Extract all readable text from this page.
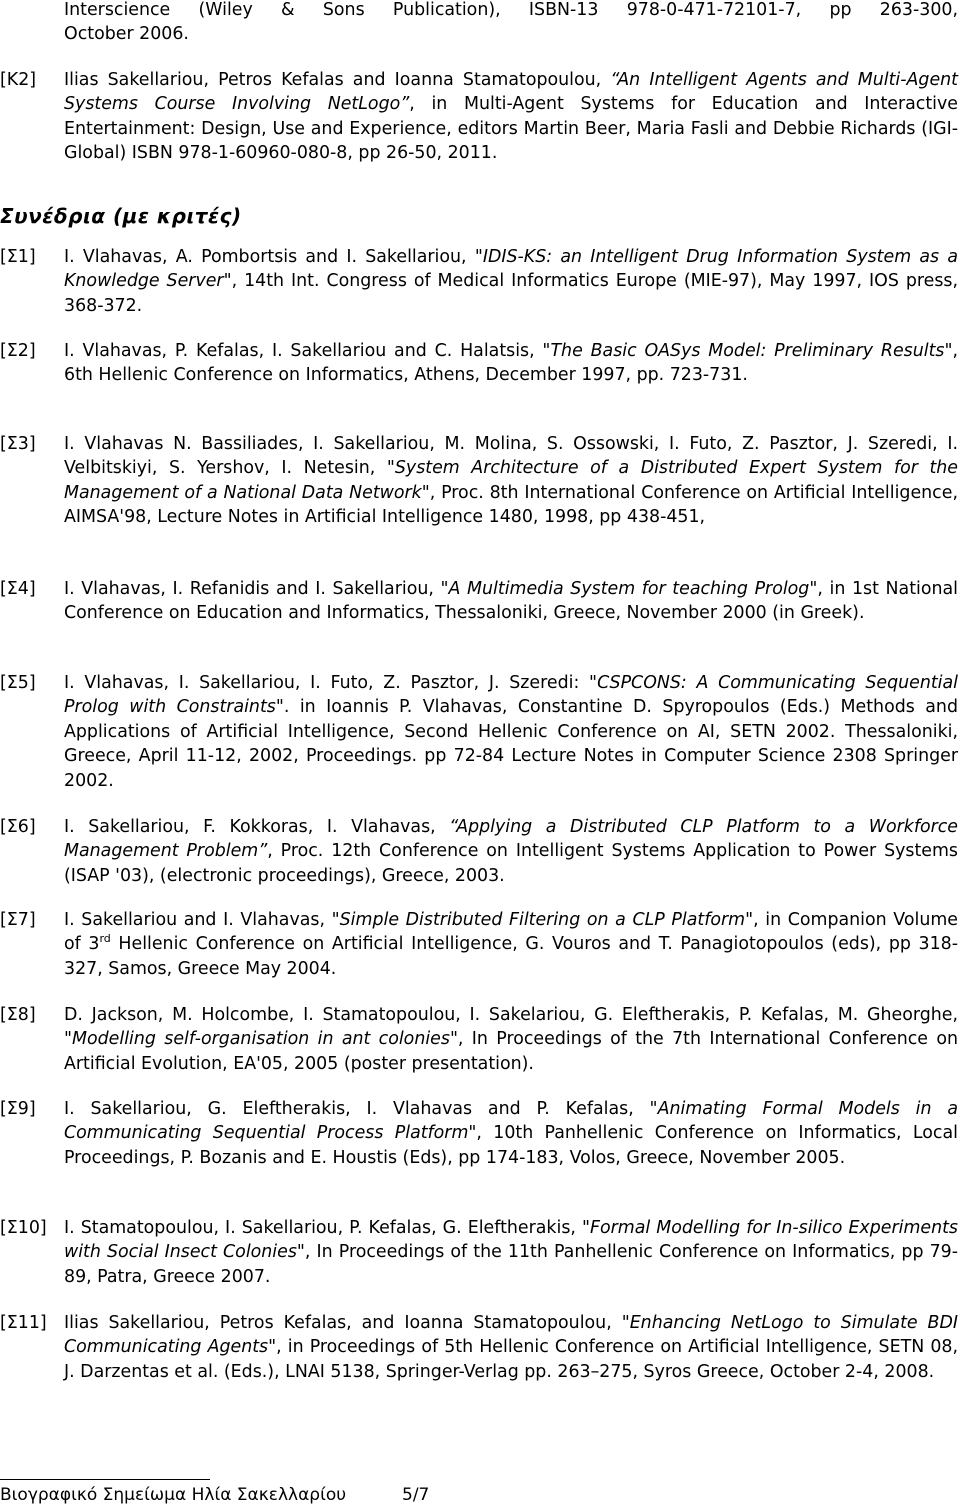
Interscience (Wiley & Sons Publication), ISBN-13 978-0-471-72101-7, pp 263-300,
October 2006.
[K2]	Ilias Sakellariou, Petros Kefalas and Ioanna Stamatopoulou, “An Intelligent Agents and Multi-Agent Systems Course Involving NetLogo”, in Multi-Agent Systems for Education and Interactive Entertainment: Design, Use and Experience, editors Martin Beer, Maria Fasli and Debbie Richards (IGI-Global) ISBN 978-1-60960-080-8, pp 26-50, 2011.
Συνέδρια (με κριτές)
[Σ1]	I. Vlahavas, A. Pombortsis and I. Sakellariou, "IDIS-KS: an Intelligent Drug Information System as a Knowledge Server", 14th Int. Congress of Medical Informatics Europe (MIE-97), May 1997, IOS press, 368-372.
[Σ2]	I. Vlahavas, P. Kefalas, I. Sakellariou and C. Halatsis, "The Basic OASys Model: Preliminary Results", 6th Hellenic Conference on Informatics, Athens, December 1997, pp. 723-731.
[Σ3]	I. Vlahavas N. Bassiliades, I. Sakellariou, M. Molina, S. Ossowski, I. Futo, Z. Pasztor, J. Szeredi, I. Velbitskiyi, S. Yershov, I. Netesin, "System Architecture of a Distributed Expert System for the Management of a National Data Network", Proc. 8th International Conference on Artificial Intelligence, AIMSA'98, Lecture Notes in Artificial Intelligence 1480, 1998, pp 438-451,
[Σ4]	I. Vlahavas, I. Refanidis and I. Sakellariou, "A Multimedia System for teaching Prolog", in 1st National Conference on Education and Informatics, Thessaloniki, Greece, November 2000 (in Greek).
[Σ5]	I. Vlahavas, I. Sakellariou, I. Futo, Z. Pasztor, J. Szeredi: "CSPCONS: A Communicating Sequential Prolog with Constraints". in Ioannis P. Vlahavas, Constantine D. Spyropoulos (Eds.) Methods and Applications of Artificial Intelligence, Second Hellenic Conference on AI, SETN 2002. Thessaloniki, Greece, April 11-12, 2002, Proceedings. pp 72-84 Lecture Notes in Computer Science 2308 Springer 2002.
[Σ6]	I. Sakellariou, F. Kokkoras, I. Vlahavas, “Applying a Distributed CLP Platform to a Workforce Management Problem”, Proc. 12th Conference on Intelligent Systems Application to Power Systems (ISAP '03), (electronic proceedings), Greece, 2003.
[Σ7]	I. Sakellariou and I. Vlahavas, "Simple Distributed Filtering on a CLP Platform", in Companion Volume of 3rd Hellenic Conference on Artificial Intelligence, G. Vouros and T. Panagiotopoulos (eds), pp 318-327, Samos, Greece May 2004.
[Σ8]	D. Jackson, M. Holcombe, I. Stamatopoulou, I. Sakelariou, G. Eleftherakis, P. Kefalas, M. Gheorghe, "Modelling self-organisation in ant colonies", In Proceedings of the 7th International Conference on Artificial Evolution, EA'05, 2005 (poster presentation).
[Σ9]	I. Sakellariou, G. Eleftherakis, I. Vlahavas and P. Kefalas, "Animating Formal Models in a Communicating Sequential Process Platform", 10th Panhellenic Conference on Informatics, Local Proceedings, P. Bozanis and E. Houstis (Eds), pp 174-183, Volos, Greece, November 2005.
[Σ10] I. Stamatopoulou, I. Sakellariou, P. Kefalas, G. Eleftherakis, "Formal Modelling for In-silico Experiments with Social Insect Colonies", In Proceedings of the 11th Panhellenic Conference on Informatics, pp 79-89, Patra, Greece 2007.
[Σ11] Ilias Sakellariou, Petros Kefalas, and Ioanna Stamatopoulou, "Enhancing NetLogo to Simulate BDI Communicating Agents", in Proceedings of 5th Hellenic Conference on Artificial Intelligence, SETN 08, J. Darzentas et al. (Eds.), LNAI 5138, Springer-Verlag pp. 263–275, Syros Greece, October 2-4, 2008.
Βιογραφικό Σημείωμα Ηλία Σακελλαρίου	5/7
